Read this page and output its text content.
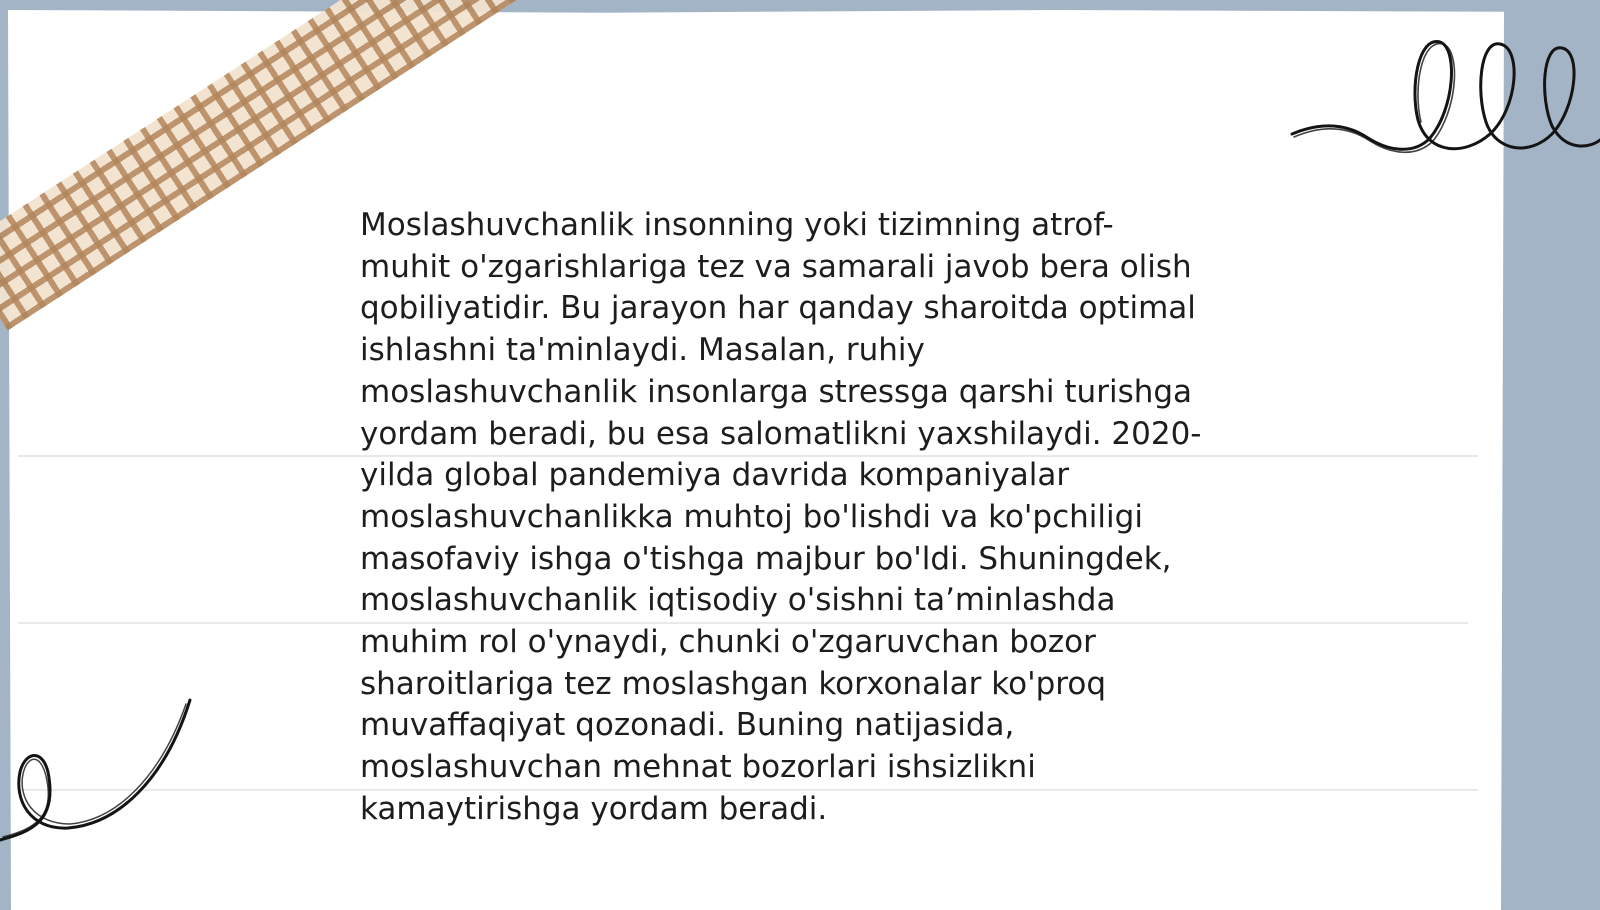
Moslashuvchanlik insonning yoki tizimning atrof-
muhit o'zgarishlariga tez va samarali javob bera olish
qobiliyatidir. Bu jarayon har qanday sharoitda optimal
ishlashni ta'minlaydi. Masalan, ruhiy
moslashuvchanlik insonlarga stressga qarshi turishga
yordam beradi, bu esa salomatlikni yaxshilaydi. 2020-
yilda global pandemiya davrida kompaniyalar
moslashuvchanlikka muhtoj bo'lishdi va ko'pchiligi
masofaviy ishga o'tishga majbur bo'ldi. Shuningdek,
moslashuvchanlik iqtisodiy o'sishni ta’minlashda
muhim rol o'ynaydi, chunki o'zgaruvchan bozor
sharoitlariga tez moslashgan korxonalar ko'proq
muvaffaqiyat qozonadi. Buning natijasida,
moslashuvchan mehnat bozorlari ishsizlikni
kamaytirishga yordam beradi.
